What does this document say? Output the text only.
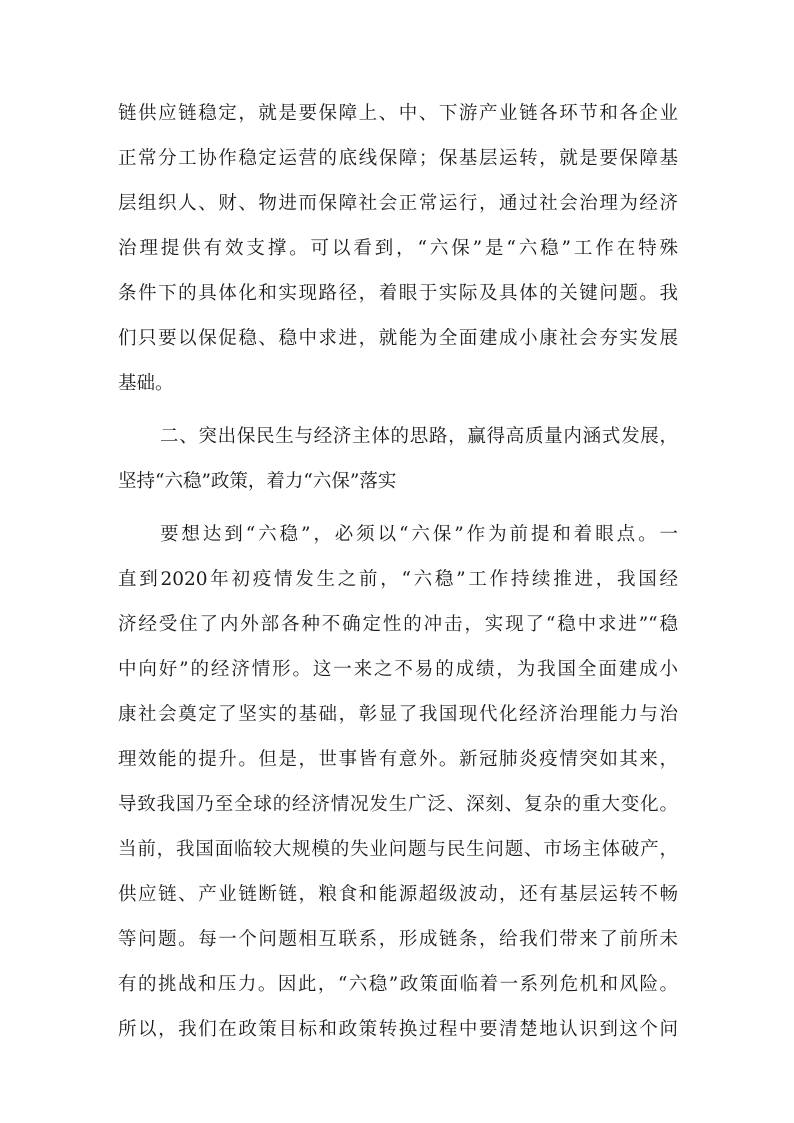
链供应链稳定，就是要保障上、中、下游产业链各环节和各企业
正常分工协作稳定运营的底线保障；保基层运转，就是要保障基
层组织人、财、物进而保障社会正常运行，通过社会治理为经济
治理提供有效支撑。可以看到，“六保”是“六稳”工作在特殊
条件下的具体化和实现路径，着眼于实际及具体的关键问题。我
们只要以保促稳、稳中求进，就能为全面建成小康社会夯实发展
基础。
二、突出保民生与经济主体的思路，赢得高质量内涵式发展，
坚持“六稳”政策，着力“六保”落实
要想达到“六稳”，必须以“六保”作为前提和着眼点。一
直到2020年初疫情发生之前，“六稳”工作持续推进，我国经
济经受住了内外部各种不确定性的冲击，实现了“稳中求进”“稳
中向好”的经济情形。这一来之不易的成绩，为我国全面建成小
康社会奠定了坚实的基础，彰显了我国现代化经济治理能力与治
理效能的提升。但是，世事皆有意外。新冠肺炎疫情突如其来，
导致我国乃至全球的经济情况发生广泛、深刻、复杂的重大变化。
当前，我国面临较大规模的失业问题与民生问题、市场主体破产，
供应链、产业链断链，粮食和能源超级波动，还有基层运转不畅
等问题。每一个问题相互联系，形成链条，给我们带来了前所未
有的挑战和压力。因此，“六稳”政策面临着一系列危机和风险。
所以，我们在政策目标和政策转换过程中要清楚地认识到这个问
